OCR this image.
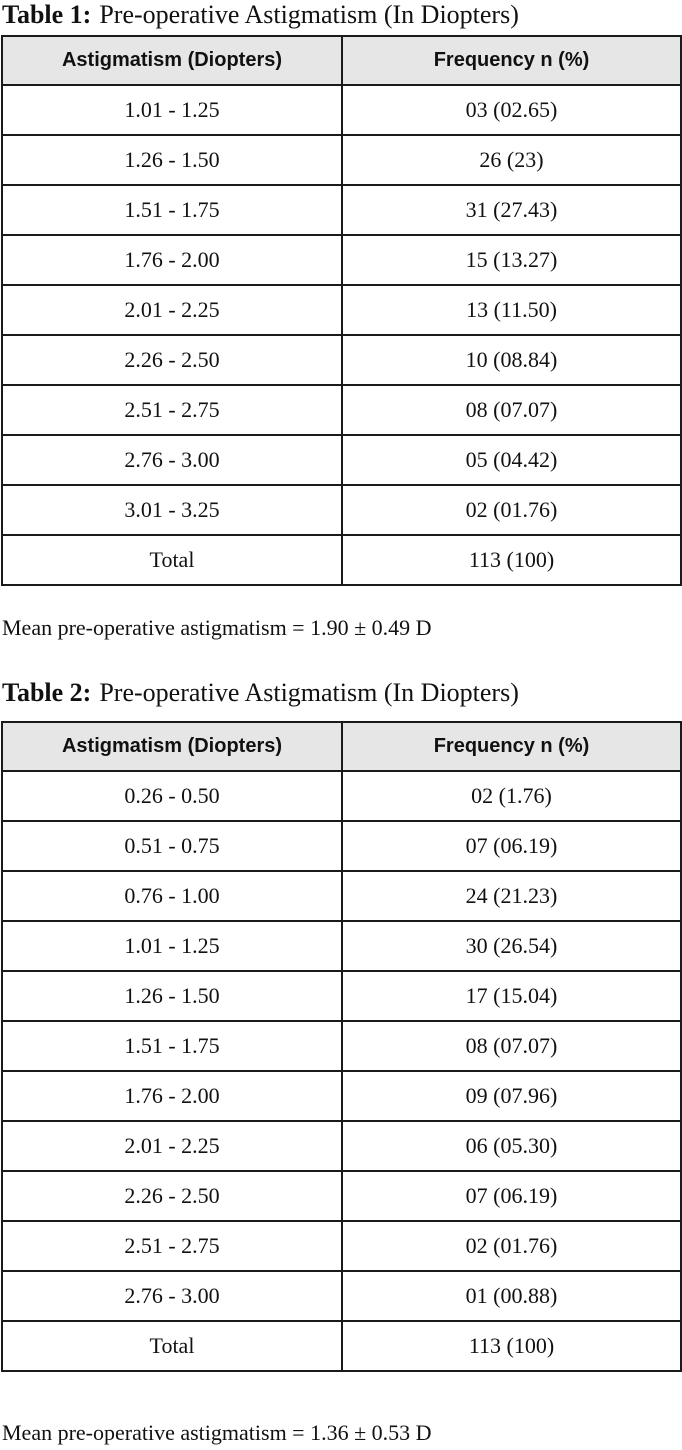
Table 1: Pre-operative Astigmatism (In Diopters)
Astigmatism (Diopters)	Frequency n (%)
1.01 - 1.25	03 (02.65)
1.26 - 1.50	26 (23)
1.51 - 1.75	31 (27.43)
1.76 - 2.00	15 (13.27)
2.01 - 2.25	13 (11.50)
2.26 - 2.50	10 (08.84)
2.51 - 2.75	08 (07.07)
2.76 - 3.00	05 (04.42)
3.01 - 3.25	02 (01.76)
Total	113 (100)
Mean pre-operative astigmatism = 1.90 ± 0.49 D
Table 2: Pre-operative Astigmatism (In Diopters)
Astigmatism (Diopters)	Frequency n (%)
0.26 - 0.50	02 (1.76)
0.51 - 0.75	07 (06.19)
0.76 - 1.00	24 (21.23)
1.01 - 1.25	30 (26.54)
1.26 - 1.50	17 (15.04)
1.51 - 1.75	08 (07.07)
1.76 - 2.00	09 (07.96)
2.01 - 2.25	06 (05.30)
2.26 - 2.50	07 (06.19)
2.51 - 2.75	02 (01.76)
2.76 - 3.00	01 (00.88)
Total	113 (100)
Mean pre-operative astigmatism = 1.36 ± 0.53 D
